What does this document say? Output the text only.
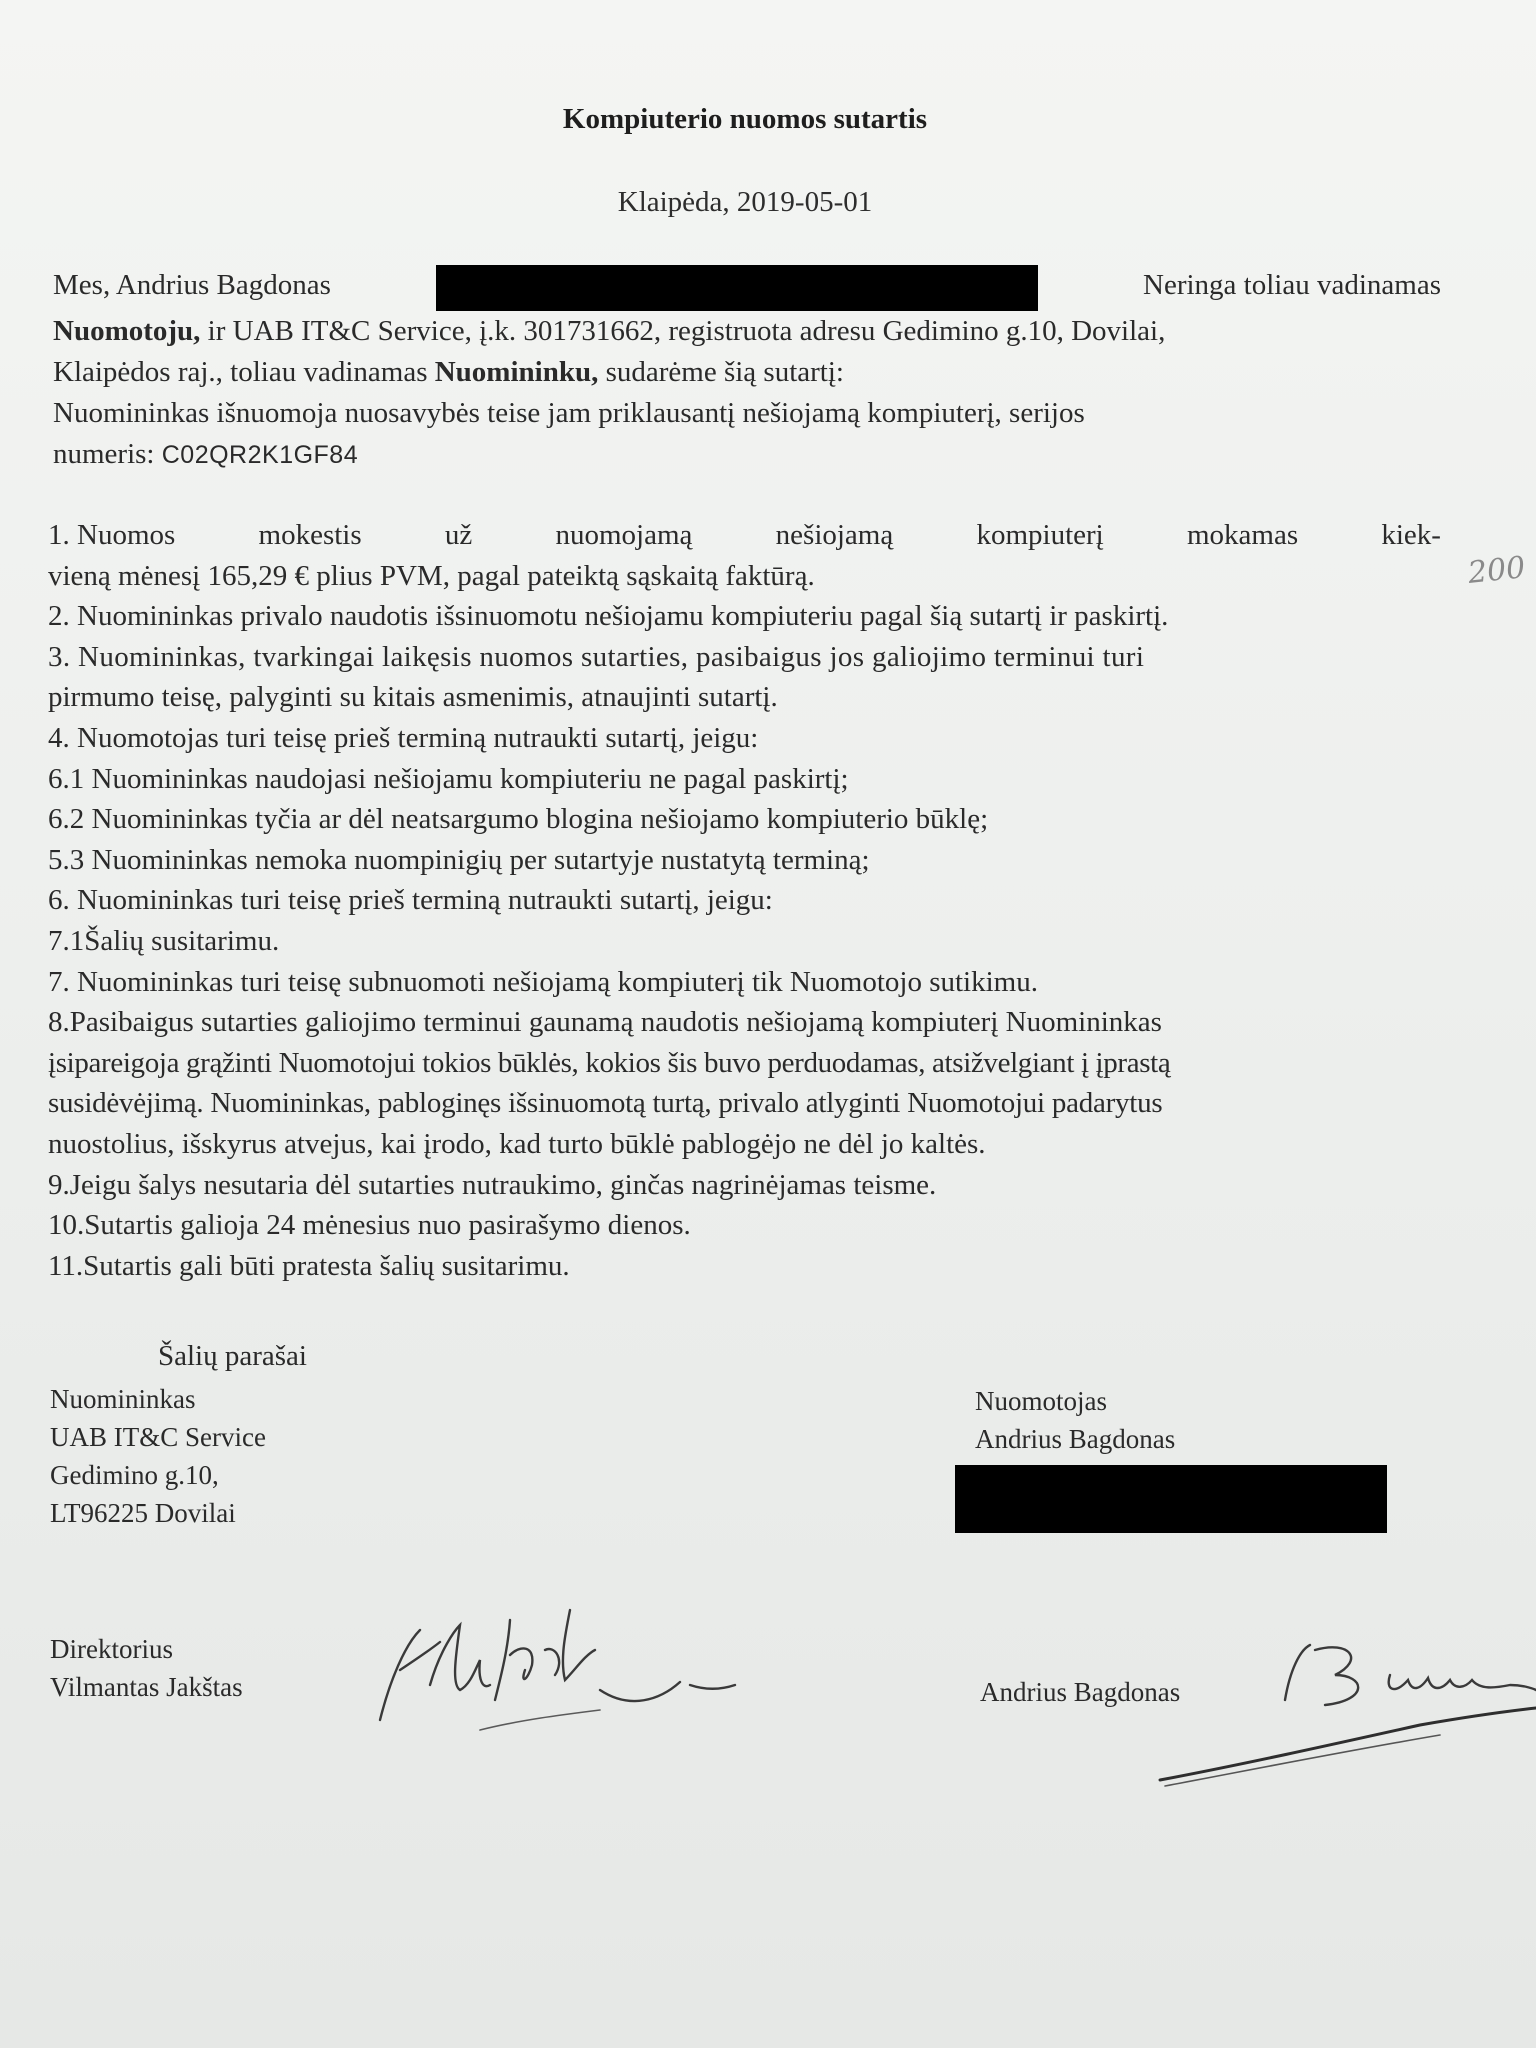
Kompiuterio nuomos sutartis
Klaipėda, 2019-05-01
Mes, Andrius Bagdonas	Neringa toliau vadinamas
Nuomotoju, ir UAB IT&C Service, į.k. 301731662, registruota adresu Gedimino g.10, Dovilai,
Klaipėdos raj., toliau vadinamas Nuomininku, sudarėme šią sutartį:
Nuomininkas išnuomoja nuosavybės teise jam priklausantį nešiojamą kompiuterį, serijos
numeris: C02QR2K1GF84
1. Nuomos	mokestis	už	nuomojamą	nešiojamą	kompiuterį	mokamas	kiek-
vieną mėnesį 165,29 € plius PVM, pagal pateiktą sąskaitą faktūrą.
2. Nuomininkas privalo naudotis išsinuomotu nešiojamu kompiuteriu pagal šią sutartį ir paskirtį.
3. Nuomininkas, tvarkingai laikęsis nuomos sutarties, pasibaigus jos galiojimo terminui turi
pirmumo teisę, palyginti su kitais asmenimis, atnaujinti sutartį.
4. Nuomotojas turi teisę prieš terminą nutraukti sutartį, jeigu:
6.1 Nuomininkas naudojasi nešiojamu kompiuteriu ne pagal paskirtį;
6.2 Nuomininkas tyčia ar dėl neatsargumo blogina nešiojamo kompiuterio būklę;
5.3 Nuomininkas nemoka nuompinigių per sutartyje nustatytą terminą;
6. Nuomininkas turi teisę prieš terminą nutraukti sutartį, jeigu:
7.1Šalių susitarimu.
7. Nuomininkas turi teisę subnuomoti nešiojamą kompiuterį tik Nuomotojo sutikimu.
8.Pasibaigus sutarties galiojimo terminui gaunamą naudotis nešiojamą kompiuterį Nuomininkas
įsipareigoja grąžinti Nuomotojui tokios būklės, kokios šis buvo perduodamas, atsižvelgiant į įprastą
susidėvėjimą. Nuomininkas, pabloginęs išsinuomotą turtą, privalo atlyginti Nuomotojui padarytus
nuostolius, išskyrus atvejus, kai įrodo, kad turto būklė pablogėjo ne dėl jo kaltės.
9.Jeigu šalys nesutaria dėl sutarties nutraukimo, ginčas nagrinėjamas teisme.
10.Sutartis galioja 24 mėnesius nuo pasirašymo dienos.
11.Sutartis gali būti pratesta šalių susitarimu.
200
Šalių parašai
Nuomininkas
UAB IT&C Service
Gedimino g.10,
LT96225 Dovilai
Nuomotojas
Andrius Bagdonas
Direktorius
Vilmantas Jakštas	Andrius Bagdonas
